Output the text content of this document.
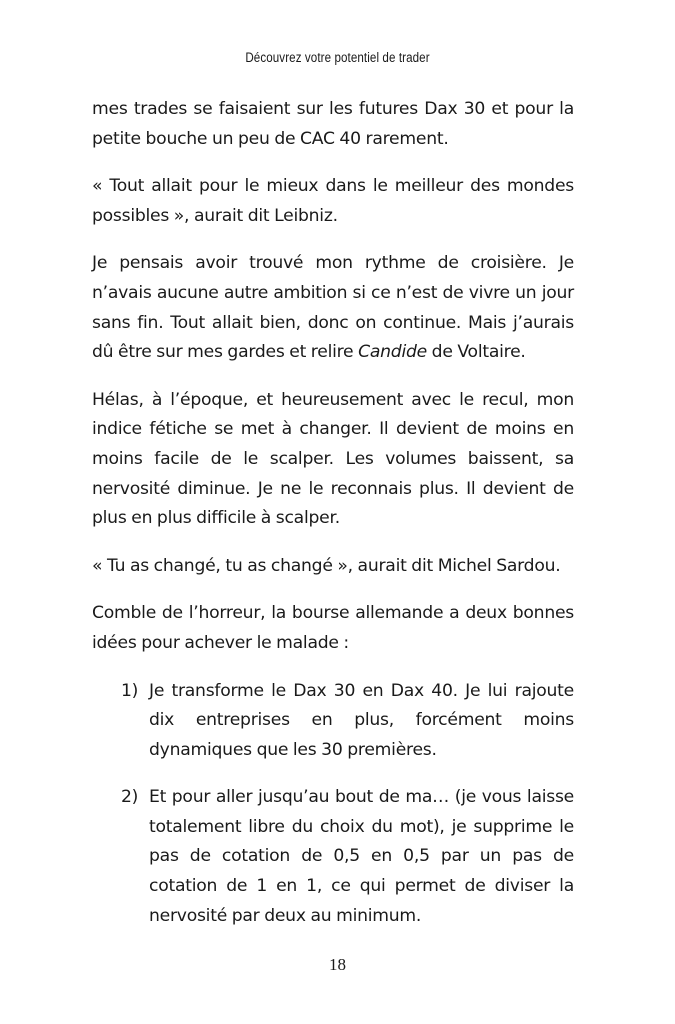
Découvrez votre potentiel de trader

mes trades se faisaient sur les futures Dax 30 et pour la petite bouche un peu de CAC 40 rarement.

« Tout allait pour le mieux dans le meilleur des mondes possibles », aurait dit Leibniz.

Je pensais avoir trouvé mon rythme de croisière. Je n’avais aucune autre ambition si ce n’est de vivre un jour sans fin. Tout allait bien, donc on continue. Mais j’aurais dû être sur mes gardes et relire Candide de Voltaire.

Hélas, à l’époque, et heureusement avec le recul, mon indice fétiche se met à changer. Il devient de moins en moins facile de le scalper. Les volumes baissent, sa nervosité diminue. Je ne le reconnais plus. Il devient de plus en plus difficile à scalper.

« Tu as changé, tu as changé », aurait dit Michel Sardou.

Comble de l’horreur, la bourse allemande a deux bonnes idées pour achever le malade :

1) Je transforme le Dax 30 en Dax 40. Je lui rajoute dix entreprises en plus, forcément moins dynamiques que les 30 premières.
2) Et pour aller jusqu’au bout de ma… (je vous laisse totalement libre du choix du mot), je supprime le pas de cotation de 0,5 en 0,5 par un pas de cotation de 1 en 1, ce qui permet de diviser la nervosité par deux au minimum.
18
